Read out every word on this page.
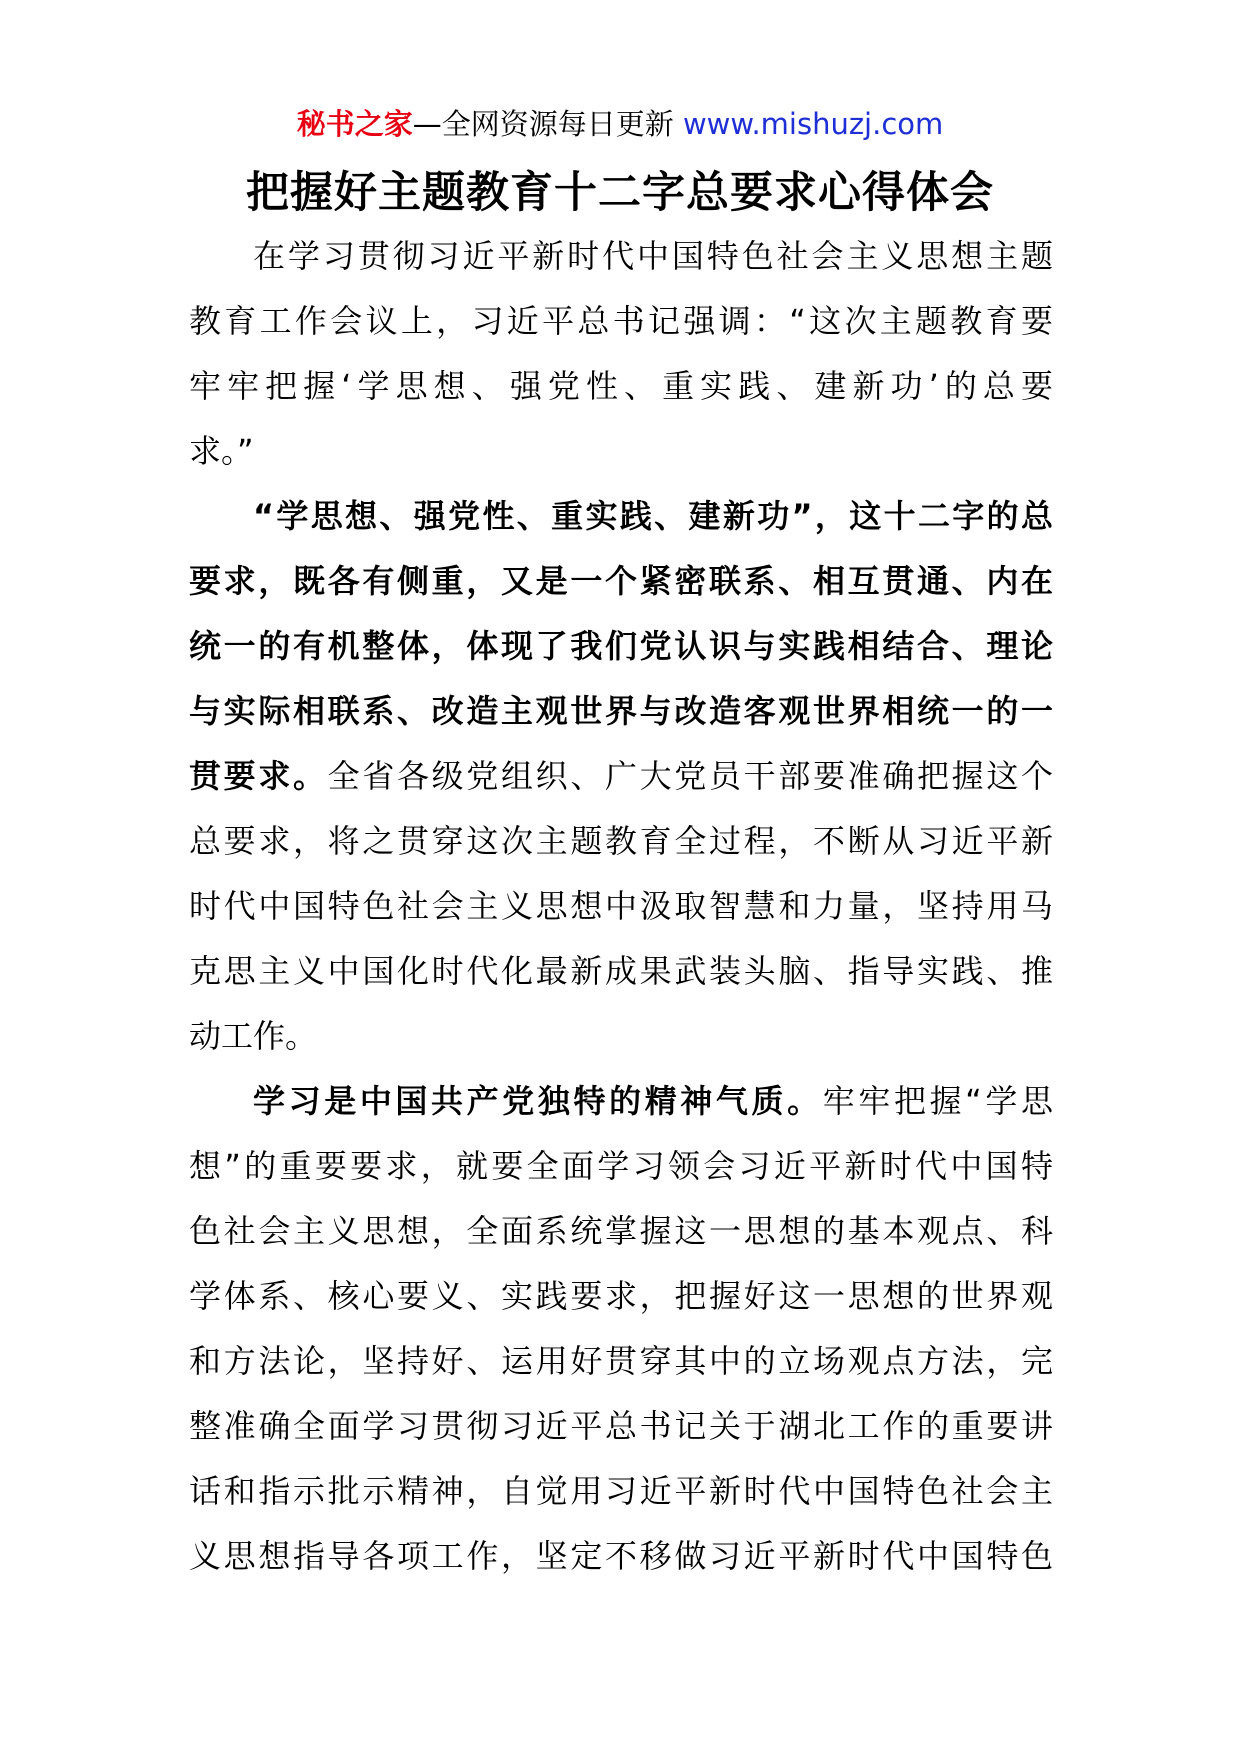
秘书之家—全网资源每日更新 www.mishuzj.com
把握好主题教育十二字总要求心得体会
在学习贯彻习近平新时代中国特色社会主义思想主题
教育工作会议上，习近平总书记强调：“这次主题教育要
牢牢把握‘学思想、强党性、重实践、建新功’的总要
求。”
“学思想、强党性、重实践、建新功”，这十二字的总
要求，既各有侧重，又是一个紧密联系、相互贯通、内在
统一的有机整体，体现了我们党认识与实践相结合、理论
与实际相联系、改造主观世界与改造客观世界相统一的一
贯要求。全省各级党组织、广大党员干部要准确把握这个
总要求，将之贯穿这次主题教育全过程，不断从习近平新
时代中国特色社会主义思想中汲取智慧和力量，坚持用马
克思主义中国化时代化最新成果武装头脑、指导实践、推
动工作。
学习是中国共产党独特的精神气质。牢牢把握“学思
想”的重要要求，就要全面学习领会习近平新时代中国特
色社会主义思想，全面系统掌握这一思想的基本观点、科
学体系、核心要义、实践要求，把握好这一思想的世界观
和方法论，坚持好、运用好贯穿其中的立场观点方法，完
整准确全面学习贯彻习近平总书记关于湖北工作的重要讲
话和指示批示精神，自觉用习近平新时代中国特色社会主
义思想指导各项工作，坚定不移做习近平新时代中国特色
